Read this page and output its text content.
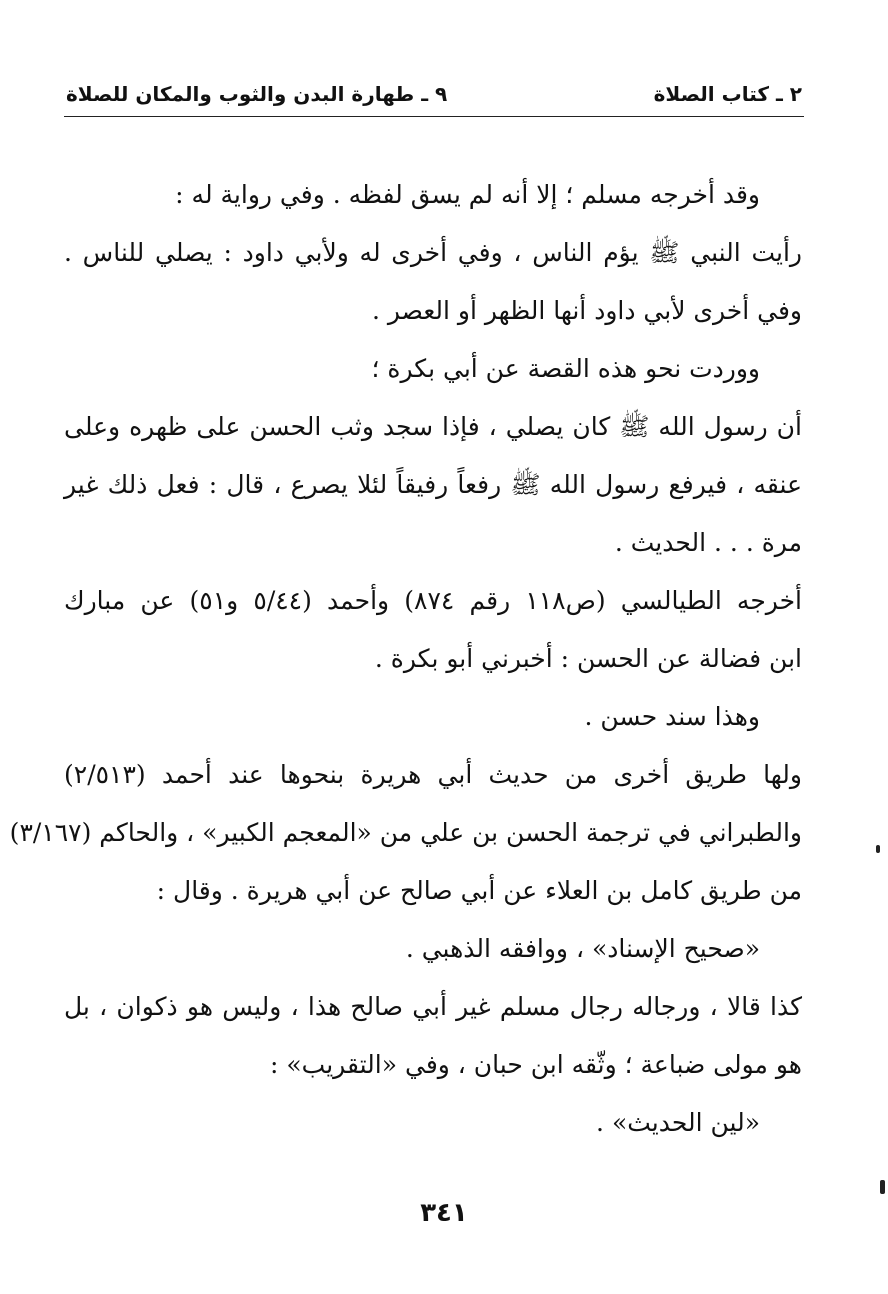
٢ ـ كتاب الصلاة
٩ ـ طهارة البدن والثوب والمكان للصلاة
وقد أخرجه مسلم ؛ إلا أنه لم يسق لفظه . وفي رواية له :
رأيت النبي ﷺ يؤم الناس ، وفي أخرى له ولأبي داود : يصلي للناس .
وفي أخرى لأبي داود أنها الظهر أو العصر .
ووردت نحو هذه القصة عن أبي بكرة ؛
أن رسول الله ﷺ كان يصلي ، فإذا سجد وثب الحسن على ظهره وعلى
عنقه ، فيرفع رسول الله ﷺ رفعاً رفيقاً لئلا يصرع ، قال : فعل ذلك غير
مرة . . . الحديث .
أخرجه الطيالسي (ص١١٨ رقم ٨٧٤) وأحمد (٥/٤٤ و٥١) عن مبارك
ابن فضالة عن الحسن : أخبرني أبو بكرة .
وهذا سند حسن .
ولها طريق أخرى من حديث أبي هريرة بنحوها عند أحمد (٢/٥١٣)
والطبراني في ترجمة الحسن بن علي من «المعجم الكبير» ، والحاكم (٣/١٦٧)
من طريق كامل بن العلاء عن أبي صالح عن أبي هريرة . وقال :
«صحيح الإسناد» ، ووافقه الذهبي .
كذا قالا ، ورجاله رجال مسلم غير أبي صالح هذا ، وليس هو ذكوان ، بل
هو مولى ضباعة ؛ وثّقه ابن حبان ، وفي «التقريب» :
«لين الحديث» .
٣٤١
